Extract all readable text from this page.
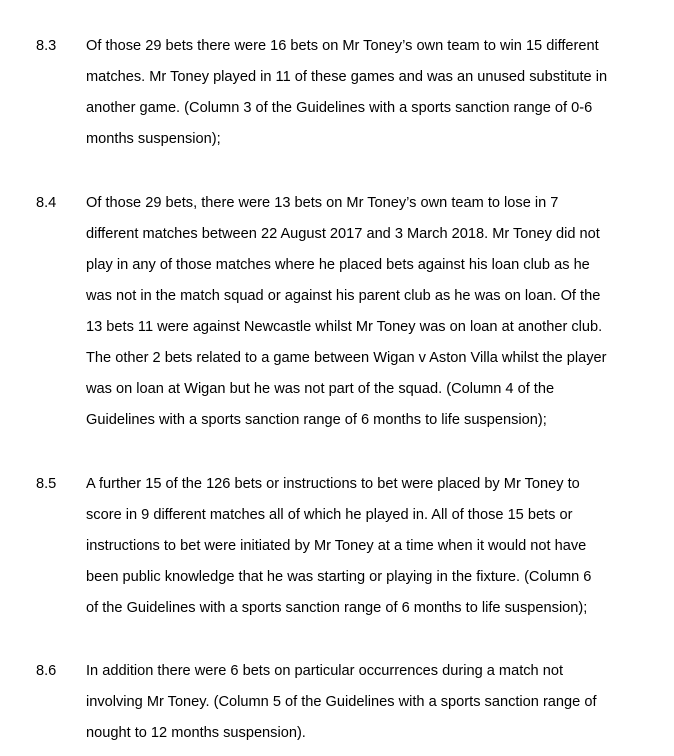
8.3 Of those 29 bets there were 16 bets on Mr Toney’s own team to win 15 different
matches. Mr Toney played in 11 of these games and was an unused substitute in
another game. (Column 3 of the Guidelines with a sports sanction range of 0-6
months suspension);
8.4 Of those 29 bets, there were 13 bets on Mr Toney’s own team to lose in 7
different matches between 22 August 2017 and 3 March 2018. Mr Toney did not
play in any of those matches where he placed bets against his loan club as he
was not in the match squad or against his parent club as he was on loan. Of the
13 bets 11 were against Newcastle whilst Mr Toney was on loan at another club.
The other 2 bets related to a game between Wigan v Aston Villa whilst the player
was on loan at Wigan but he was not part of the squad. (Column 4 of the
Guidelines with a sports sanction range of 6 months to life suspension);
8.5 A further 15 of the 126 bets or instructions to bet were placed by Mr Toney to
score in 9 different matches all of which he played in. All of those 15 bets or
instructions to bet were initiated by Mr Toney at a time when it would not have
been public knowledge that he was starting or playing in the fixture. (Column 6
of the Guidelines with a sports sanction range of 6 months to life suspension);
8.6 In addition there were 6 bets on particular occurrences during a match not
involving Mr Toney. (Column 5 of the Guidelines with a sports sanction range of
nought to 12 months suspension).
